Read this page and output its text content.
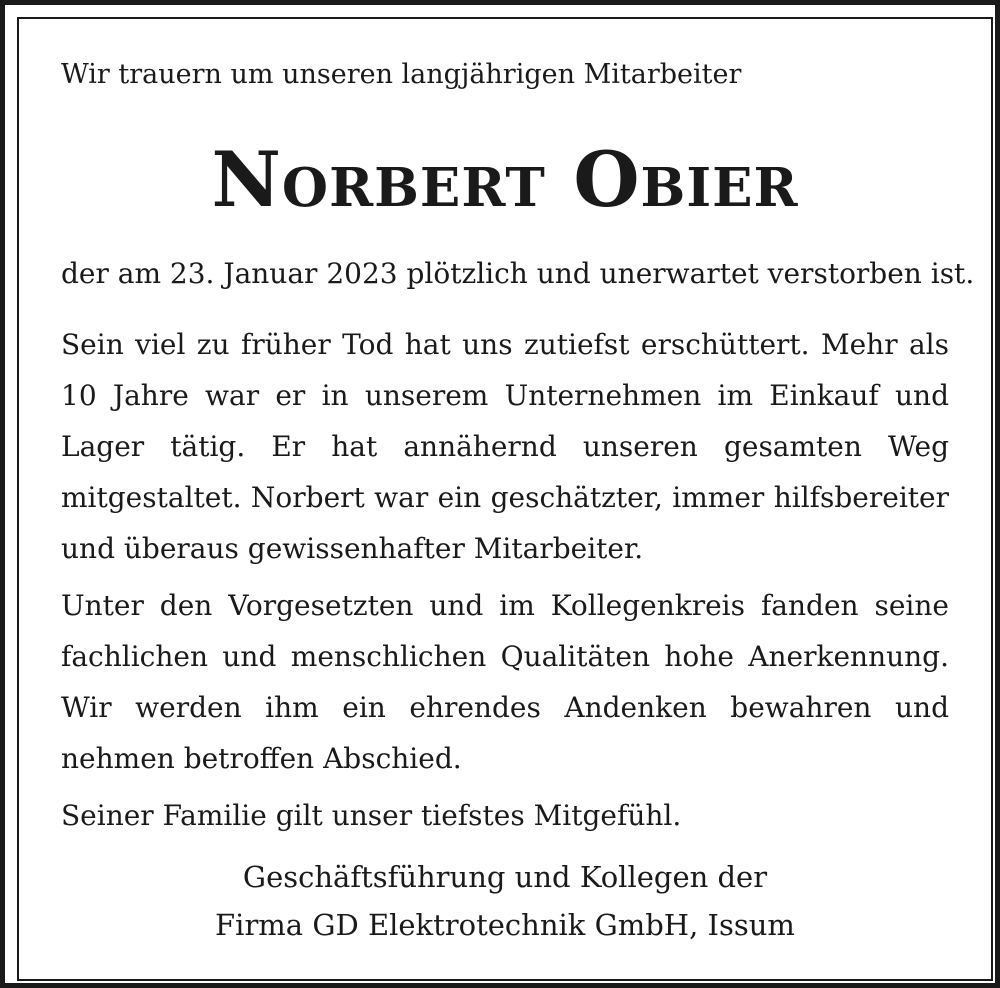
Wir trauern um unseren langjährigen Mitarbeiter
Norbert Obier
der am 23. Januar 2023 plötzlich und unerwartet verstorben ist.
Sein viel zu früher Tod hat uns zutiefst erschüttert. Mehr als 10 Jahre war er in unserem Unternehmen im Einkauf und Lager tätig. Er hat annähernd unseren gesamten Weg mitgestaltet. Norbert war ein geschätzter, immer hilfsbereiter und überaus gewissenhafter Mitarbeiter.
Unter den Vorgesetzten und im Kollegenkreis fanden seine fachlichen und menschlichen Qualitäten hohe Anerkennung. Wir werden ihm ein ehrendes Andenken bewahren und nehmen betroffen Abschied.
Seiner Familie gilt unser tiefstes Mitgefühl.
Geschäftsführung und Kollegen der
Firma GD Elektrotechnik GmbH, Issum
